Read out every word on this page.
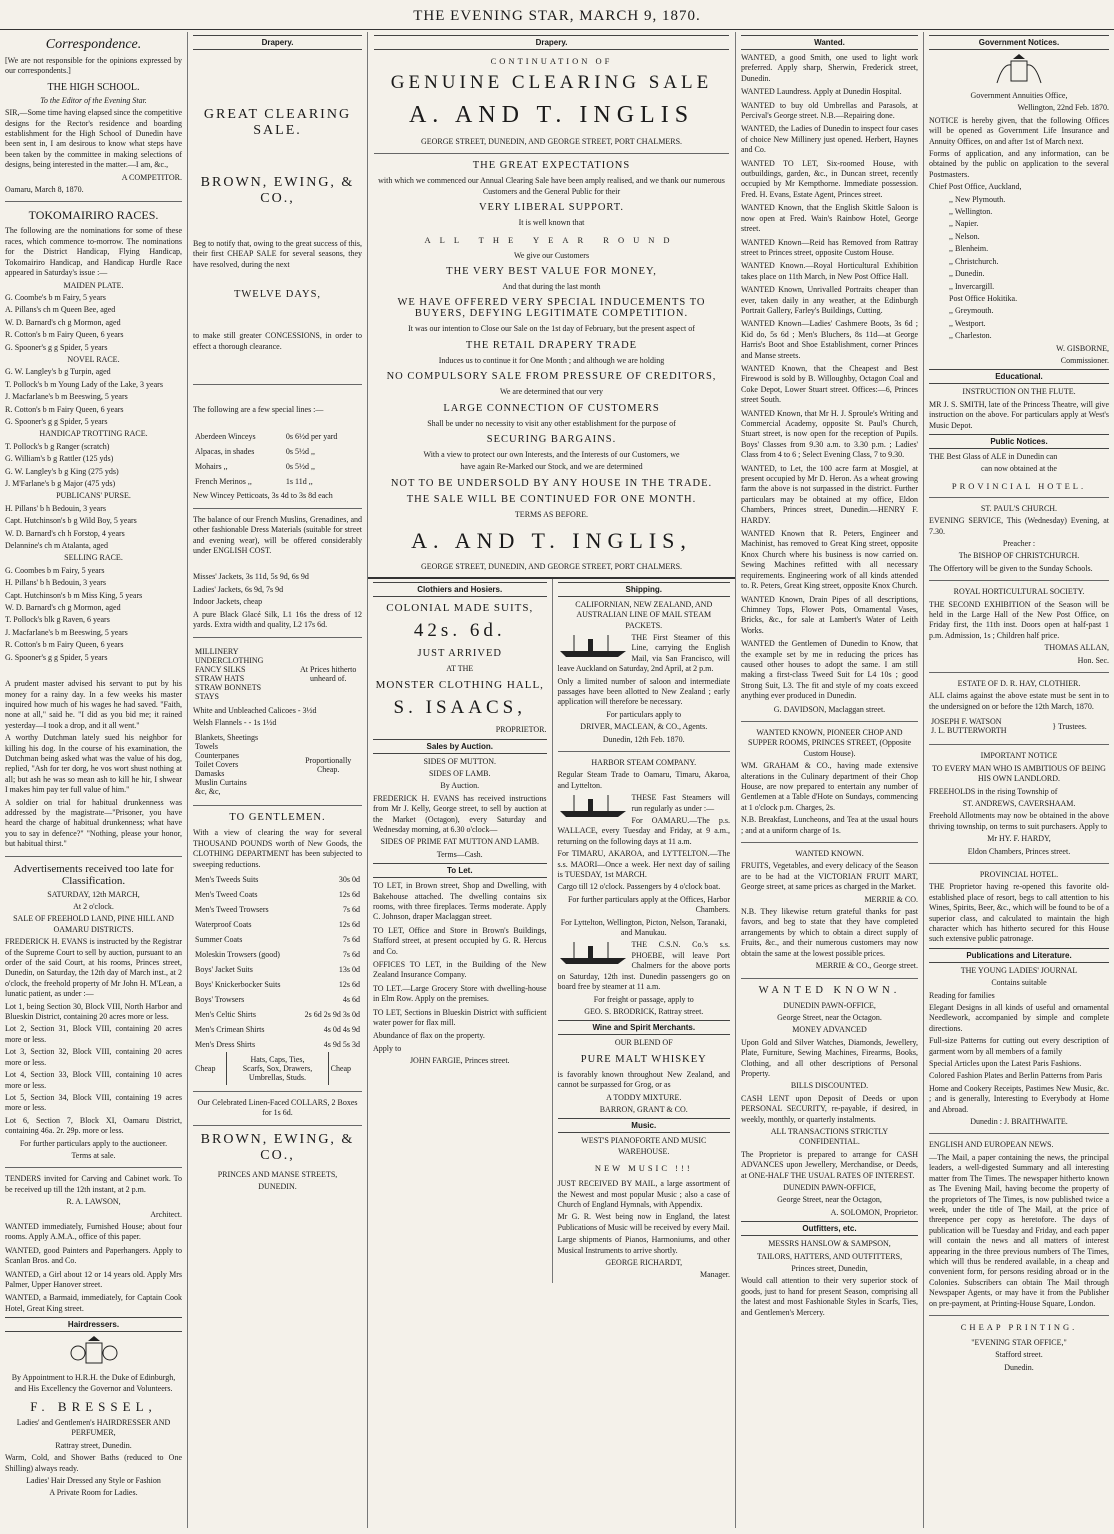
THE EVENING STAR, MARCH 9, 1870.
Correspondence.

[We are not responsible for the opinions expressed by our correspondents.]

THE HIGH SCHOOL.

To the Editor of the Evening Star.

SIR,—Some time having elapsed since the competitive designs for the Rector's residence and boarding establishment for the High School of Dunedin have been sent in, I am desirous to know what steps have been taken by the committee in making selections of designs, being interested in the matter.—I am, &c.,

A COMPETITOR.

Oamaru, March 8, 1870.

TOKOMAIRIRO RACES.

The following are the nominations for some of these races, which commence to-morrow. The nominations for the District Handicap, Flying Handicap, Tokomairiro Handicap, and Handicap Hurdle Race appeared in Saturday's issue :—

MAIDEN PLATE.

G. Coombe's b m Fairy, 5 years

A. Pillans's ch m Queen Bee, aged

W. D. Barnard's ch g Mormon, aged

R. Cotton's b m Fairy Queen, 6 years

G. Spooner's g g Spider, 5 years

NOVEL RACE.

G. W. Langley's b g Turpin, aged

T. Pollock's b m Young Lady of the Lake, 3 years

J. Macfarlane's b m Beeswing, 5 years

R. Cotton's b m Fairy Queen, 6 years

G. Spooner's g g Spider, 5 years

HANDICAP TROTTING RACE.

T. Pollock's b g Ranger (scratch)

G. William's b g Rattler (125 yds)

G. W. Langley's b g King (275 yds)

J. M'Farlane's b g Major (475 yds)

PUBLICANS' PURSE.

H. Pillans' b h Bedouin, 3 years

Capt. Hutchinson's b g Wild Boy, 5 years

W. D. Barnard's ch h Forstop, 4 years

Delannine's ch m Atalanta, aged

SELLING RACE.

G. Coombes b m Fairy, 5 years

H. Pillans' b h Bedouin, 3 years

Capt. Hutchinson's b m Miss King, 5 years

W. D. Barnard's ch g Mormon, aged

T. Pollock's blk g Raven, 6 years

J. Macfarlane's b m Beeswing, 5 years

R. Cotton's b m Fairy Queen, 6 years

G. Spooner's g g Spider, 5 years

A prudent master advised his servant to put by his money for a rainy day. In a few weeks his master inquired how much of his wages he had saved. "Faith, none at all," said he. "I did as you bid me; it rained yesterday—I took a drop, and it all went."

A worthy Dutchman lately sued his neighbor for killing his dog. In the course of his examination, the Dutchman being asked what was the value of his dog, replied, "Ash for ter dorg, he vos wort shust nothing at all; but ash he was so mean ash to kill he hir, I shwear I makes him pay ter full value of him."

A soldier on trial for habitual drunkenness was addressed by the magistrate—"Prisoner, you have heard the charge of habitual drunkenness; what have you to say in defence?" "Nothing, please your honor, but habitual thirst."

Advertisements received too late for Classification.

SATURDAY, 12th MARCH,

At 2 o'clock.

SALE OF FREEHOLD LAND, PINE HILL AND OAMARU DISTRICTS.

FREDERICK H. EVANS is instructed by the Registrar of the Supreme Court to sell by auction, pursuant to an order of the said Court, at his rooms, Princes street, Dunedin, on Saturday, the 12th day of March inst., at 2 o'clock, the freehold property of Mr John H. M'Lean, a lunatic patient, as under :—

Lot 1, being Section 30, Block VIII, North Harbor and Blueskin District, containing 20 acres more or less.

Lot 2, Section 31, Block VIII, containing 20 acres more or less.

Lot 3, Section 32, Block VIII, containing 20 acres more or less.

Lot 4, Section 33, Block VIII, containing 10 acres more or less.

Lot 5, Section 34, Block VIII, containing 19 acres more or less.

Lot 6, Section 7, Block XI, Oamaru District, containing 46a. 2r. 29p. more or less.

For further particulars apply to the auctioneer.

Terms at sale.

TENDERS invited for Carving and Cabinet work. To be received up till the 12th instant, at 2 p.m.

R. A. LAWSON,

Architect.

WANTED immediately, Furnished House; about four rooms. Apply A.M.A., office of this paper.

WANTED, good Painters and Paperhangers. Apply to Scanlan Bros. and Co.

WANTED, a Girl about 12 or 14 years old. Apply Mrs Palmer, Upper Hanover street.

WANTED, a Barmaid, immediately, for Captain Cook Hotel, Great King street.

Hairdressers.

By Appointment to H.R.H. the Duke of Edinburgh, and His Excellency the Governor and Volunteers.

F. BRESSEL,

Ladies' and Gentlemen's HAIRDRESSER AND PERFUMER,

Rattray street, Dunedin.

Warm, Cold, and Shower Baths (reduced to One Shilling) always ready.

Ladies' Hair Dressed any Style or Fashion

A Private Room for Ladies.

Drapery.
GREAT CLEARING SALE.
BROWN, EWING, & CO.,

Beg to notify that, owing to the great success of this, their first CHEAP SALE for several seasons, they have resolved, during the next

TWELVE DAYS,

to make still greater CONCESSIONS, in order to effect a thorough clearance.

The following are a few special lines :—

Aberdeen Winceys	0s 6½d per yard
Alpacas, in shades	0s 5½d ,,
Mohairs ,,	0s 5½d ,,
French Merinos ,,	1s 11d ,,

New Wincey Petticoats, 3s 4d to 3s 8d each

The balance of our French Muslins, Grenadines, and other fashionable Dress Materials (suitable for street and evening wear), will be offered considerably under ENGLISH COST.

Misses' Jackets, 3s 11d, 5s 9d, 6s 9d

Ladies' Jackets, 6s 9d, 7s 9d

Indoor Jackets, cheap

A pure Black Glacé Silk, L1 16s the dress of 12 yards. Extra width and quality, L2 17s 6d.

MILLINERY
UNDERCLOTHING
FANCY SILKS
STRAW HATS
STRAW BONNETS
STAYS
	At Prices hitherto unheard of.

White and Unbleached Calicoes - 3½d

Welsh Flannels - - 1s 1½d

Blankets, Sheetings
Towels
Counterpanes
Toilet Covers
Damasks
Muslin Curtains
&c, &c,
	Proportionally Cheap.
TO GENTLEMEN.

With a view of clearing the way for several THOUSAND POUNDS worth of New Goods, the CLOTHING DEPARTMENT has been subjected to sweeping reductions.

Men's Tweeds Suits	30s 0d
Men's Tweed Coats	12s 6d
Men's Tweed Trowsers	7s 6d
Waterproof Coats	12s 6d
Summer Coats	7s 6d
Moleskin Trowsers (good)	7s 6d
Boys' Jacket Suits	13s 0d
Boys' Knickerbocker Suits	12s 6d
Boys' Trowsers	4s 6d
Men's Celtic Shirts	2s 6d 2s 9d 3s 0d
Men's Crimean Shirts	4s 0d 4s 9d
Men's Dress Shirts	4s 9d 5s 3d
Cheap	
Hats, Caps, Ties,
Scarfs, Sox, Drawers,
Umbrellas, Studs.
	Cheap

Our Celebrated Linen-Faced COLLARS, 2 Boxes for 1s 6d.

BROWN, EWING, & CO.,

PRINCES AND MANSE STREETS,

DUNEDIN.

Drapery.
CONTINUATION OF
GENUINE CLEARING SALE
A. AND T. INGLIS

GEORGE STREET, DUNEDIN, AND GEORGE STREET, PORT CHALMERS.

THE GREAT EXPECTATIONS

with which we commenced our Annual Clearing Sale have been amply realised, and we thank our numerous Customers and the General Public for their

VERY LIBERAL SUPPORT.

It is well known that

ALL THE YEAR ROUND

We give our Customers

THE VERY BEST VALUE FOR MONEY,

And that during the last month

WE HAVE OFFERED VERY SPECIAL INDUCEMENTS TO BUYERS, DEFYING LEGITIMATE COMPETITION.

It was our intention to Close our Sale on the 1st day of February, but the present aspect of

THE RETAIL DRAPERY TRADE

Induces us to continue it for One Month ; and although we are holding

NO COMPULSORY SALE FROM PRESSURE OF CREDITORS,

We are determined that our very

LARGE CONNECTION OF CUSTOMERS

Shall be under no necessity to visit any other establishment for the purpose of

SECURING BARGAINS.

With a view to protect our own Interests, and the Interests of our Customers, we

have again Re-Marked our Stock, and we are determined

NOT TO BE UNDERSOLD BY ANY HOUSE IN THE TRADE.
THE SALE WILL BE CONTINUED FOR ONE MONTH.

TERMS AS BEFORE.

A. AND T. INGLIS,

GEORGE STREET, DUNEDIN, AND GEORGE STREET, PORT CHALMERS.

Clothiers and Hosiers.
COLONIAL MADE SUITS,
42s. 6d.
JUST ARRIVED

AT THE

MONSTER CLOTHING HALL,
S. ISAACS,

PROPRIETOR.

Sales by Auction.

SIDES OF MUTTON.

SIDES OF LAMB.

By Auction.

FREDERICK H. EVANS has received instructions from Mr J. Kelly, George street, to sell by auction at the Market (Octagon), every Saturday and Wednesday morning, at 6.30 o'clock—

SIDES OF PRIME FAT MUTTON AND LAMB.

Terms—Cash.

To Let.

TO LET, in Brown street, Shop and Dwelling, with Bakehouse attached. The dwelling contains six rooms, with three fireplaces. Terms moderate. Apply C. Johnson, draper Maclaggan street.

TO LET, Office and Store in Brown's Buildings, Stafford street, at present occupied by G. R. Hercus and Co.

OFFICES TO LET, in the Building of the New Zealand Insurance Company.

TO LET.—Large Grocery Store with dwelling-house in Elm Row. Apply on the premises.

TO LET, Sections in Blueskin District with sufficient water power for flax mill.

Abundance of flax on the property.

Apply to

JOHN FARGIE, Princes street.

Shipping.

CALIFORNIAN, NEW ZEALAND, AND AUSTRALIAN LINE OF MAIL STEAM PACKETS.

THE First Steamer of this Line, carrying the English Mail, via San Francisco, will leave Auckland on Saturday, 2nd April, at 2 p.m.

Only a limited number of saloon and intermediate passages have been allotted to New Zealand ; early application will therefore be necessary.

For particulars apply to

DRIVER, MACLEAN, & CO., Agents.

Dunedin, 12th Feb. 1870.

HARBOR STEAM COMPANY.

Regular Steam Trade to Oamaru, Timaru, Akaroa, and Lyttelton.

THESE Fast Steamers will run regularly as under :—

For OAMARU.—The p.s. WALLACE, every Tuesday and Friday, at 9 a.m., returning on the following days at 11 a.m.

For TIMARU, AKAROA, and LYTTELTON.—The s.s. MAORI—Once a week. Her next day of sailing is TUESDAY, 1st MARCH.

Cargo till 12 o'clock. Passengers by 4 o'clock boat.

For further particulars apply at the Offices, Harbor Chambers.

For Lyttelton, Wellington, Picton, Nelson, Taranaki, and Manukau.

THE C.S.N. Co.'s s.s. PHOEBE, will leave Port Chalmers for the above ports on Saturday, 12th inst. Dunedin passengers go on board free by steamer at 11 a.m.

For freight or passage, apply to

GEO. S. BRODRICK, Rattray street.

Wine and Spirit Merchants.

OUR BLEND OF

PURE MALT WHISKEY

is favorably known throughout New Zealand, and cannot be surpassed for Grog, or as

A TODDY MIXTURE.

BARRON, GRANT & CO.

Music.

WEST'S PIANOFORTE AND MUSIC WAREHOUSE.

NEW MUSIC !!!

JUST RECEIVED BY MAIL, a large assortment of the Newest and most popular Music ; also a case of Church of England Hymnals, with Appendix.

Mr G. R. West being now in England, the latest Publications of Music will be received by every Mail.

Large shipments of Pianos, Harmoniums, and other Musical Instruments to arrive shortly.

GEORGE RICHARDT,

Manager.

Wanted.

WANTED, a good Smith, one used to light work preferred. Apply sharp, Sherwin, Frederick street, Dunedin.

WANTED Laundress. Apply at Dunedin Hospital.

WANTED to buy old Umbrellas and Parasols, at Percival's George street. N.B.—Repairing done.

WANTED, the Ladies of Dunedin to inspect four cases of choice New Millinery just opened. Herbert, Haynes and Co.

WANTED TO LET, Six-roomed House, with outbuildings, garden, &c., in Duncan street, recently occupied by Mr Kempthorne. Immediate possession. Fred. H. Evans, Estate Agent, Princes street.

WANTED Known, that the English Skittle Saloon is now open at Fred. Wain's Rainbow Hotel, George street.

WANTED Known—Reid has Removed from Rattray street to Princes street, opposite Custom House.

WANTED Known.—Royal Horticultural Exhibition takes place on 11th March, in New Post Office Hall.

WANTED Known, Unrivalled Portraits cheaper than ever, taken daily in any weather, at the Edinburgh Portrait Gallery, Farley's Buildings, Cutting.

WANTED Known—Ladies' Cashmere Boots, 3s 6d ; Kid do, 5s 6d ; Men's Bluchers, 8s 11d—at George Harris's Boot and Shoe Establishment, corner Princes and Manse streets.

WANTED Known, that the Cheapest and Best Firewood is sold by B. Willoughby, Octagon Coal and Coke Depot, Lower Stuart street. Offices:—6, Princes street South.

WANTED Known, that Mr H. J. Sproule's Writing and Commercial Academy, opposite St. Paul's Church, Stuart street, is now open for the reception of Pupils. Boys' Classes from 9.30 a.m. to 3.30 p.m. ; Ladies' Class from 4 to 6 ; Select Evening Class, 7 to 9.30.

WANTED, to Let, the 100 acre farm at Mosgiel, at present occupied by Mr D. Heron. As a wheat growing farm the above is not surpassed in the district. Further particulars may be obtained at my office, Eldon Chambers, Princes street, Dunedin.—HENRY F. HARDY.

WANTED Known that R. Peters, Engineer and Machinist, has removed to Great King street, opposite Knox Church where his business is now carried on. Sewing Machines refitted with all necessary requirements. Engineering work of all kinds attended to. R. Peters, Great King street, opposite Knox Church.

WANTED Known, Drain Pipes of all descriptions, Chimney Tops, Flower Pots, Ornamental Vases, Bricks, &c., for sale at Lambert's Water of Leith Works.

WANTED the Gentlemen of Dunedin to Know, that the example set by me in reducing the prices has caused other houses to adopt the same. I am still making a first-class Tweed Suit for L4 10s ; good Strong Suit, L3. The fit and style of my coats exceed anything ever produced in Dunedin.

G. DAVIDSON, Maclaggan street.

WANTED KNOWN, PIONEER CHOP AND SUPPER ROOMS, PRINCES STREET, (Opposite Custom House).

WM. GRAHAM & CO., having made extensive alterations in the Culinary department of their Chop House, are now prepared to entertain any number of Gentlemen at a Table d'Hote on Sundays, commencing at 1 o'clock p.m. Charges, 2s.

N.B. Breakfast, Luncheons, and Tea at the usual hours ; and at a uniform charge of 1s.

WANTED KNOWN.

FRUITS, Vegetables, and every delicacy of the Season are to be had at the VICTORIAN FRUIT MART, George street, at same prices as charged in the Market.

MERRIE & CO.

N.B. They likewise return grateful thanks for past favors, and beg to state that they have completed arrangements by which to obtain a direct supply of Fruits, &c., and their numerous customers may now obtain the same at the lowest possible prices.

MERRIE & CO., George street.

WANTED KNOWN.

DUNEDIN PAWN-OFFICE,

George Street, near the Octagon.

MONEY ADVANCED

Upon Gold and Silver Watches, Diamonds, Jewellery, Plate, Furniture, Sewing Machines, Firearms, Books, Clothing, and all other descriptions of Personal Property.

BILLS DISCOUNTED.

CASH LENT upon Deposit of Deeds or upon PERSONAL SECURITY, re-payable, if desired, in weekly, monthly, or quarterly instalments.

ALL TRANSACTIONS STRICTLY CONFIDENTIAL.

The Proprietor is prepared to arrange for CASH ADVANCES upon Jewellery, Merchandise, or Deeds, at ONE-HALF THE USUAL RATES OF INTEREST.

DUNEDIN PAWN-OFFICE,

George Street, near the Octagon,

A. SOLOMON, Proprietor.

Outfitters, etc.

MESSRS HANSLOW & SAMPSON,

TAILORS, HATTERS, AND OUTFITTERS,

Princes street, Dunedin,

Would call attention to their very superior stock of goods, just to hand for present Season, comprising all the latest and most Fashionable Styles in Scarfs, Ties, and Gentlemen's Mercery.

Government Notices.

Government Annuities Office,

Wellington, 22nd Feb. 1870.

NOTICE is hereby given, that the following Offices will be opened as Government Life Insurance and Annuity Offices, on and after 1st of March next.

Forms of application, and any information, can be obtained by the public on application to the several Postmasters.

Chief Post Office, Auckland,

,, New Plymouth.

,, Wellington.

,, Napier.

,, Nelson.

,, Blenheim.

,, Christchurch.

,, Dunedin.

,, Invercargill.

Post Office Hokitika.

,, Greymouth.

,, Westport.

,, Charleston.

W. GISBORNE,

Commissioner.

Educational.

INSTRUCTION ON THE FLUTE.

MR J. S. SMITH, late of the Princess Theatre, will give instruction on the above. For particulars apply at West's Music Depot.

Public Notices.

THE Best Glass of ALE in Dunedin can

can now obtained at the

PROVINCIAL HOTEL.

ST. PAUL'S CHURCH.

EVENING SERVICE, This (Wednesday) Evening, at 7.30.

Preacher :

The BISHOP OF CHRISTCHURCH.

The Offertory will be given to the Sunday Schools.

ROYAL HORTICULTURAL SOCIETY.

THE SECOND EXHIBITION of the Season will be held in the Large Hall of the New Post Office, on Friday first, the 11th inst. Doors open at half-past 1 p.m. Admission, 1s ; Children half price.

THOMAS ALLAN,

Hon. Sec.

ESTATE OF D. R. HAY, CLOTHIER.

ALL claims against the above estate must be sent in to the undersigned on or before the 12th March, 1870.

JOSEPH F. WATSON
J. L. BUTTERWORTH	} Trustees.

IMPORTANT NOTICE

TO EVERY MAN WHO IS AMBITIOUS OF BEING HIS OWN LANDLORD.

FREEHOLDS in the rising Township of

ST. ANDREWS, CAVERSHAAM.

Freehold Allotments may now be obtained in the above thriving township, on terms to suit purchasers. Apply to

Mr HY. F. HARDY,

Eldon Chambers, Princes street.

PROVINCIAL HOTEL.

THE Proprietor having re-opened this favorite old-established place of resort, begs to call attention to his Wines, Spirits, Beer, &c., which will be found to be of a superior class, and calculated to maintain the high character which has hitherto secured for this House such extensive public patronage.

Publications and Literature.

THE YOUNG LADIES' JOURNAL

Contains suitable

Reading for families

Elegant Designs in all kinds of useful and ornamental Needlework, accompanied by simple and complete directions.

Full-size Patterns for cutting out every description of garment worn by all members of a family

Special Articles upon the Latest Paris Fashions.

Colored Fashion Plates and Berlin Patterns from Paris

Home and Cookery Receipts, Pastimes New Music, &c. ; and is generally, Interesting to Everybody at Home and Abroad.

Dunedin : J. BRAITHWAITE.

ENGLISH AND EUROPEAN NEWS.

—The Mail, a paper containing the news, the principal leaders, a well-digested Summary and all interesting matter from The Times. The newspaper hitherto known as The Evening Mail, having become the property of the proprietors of The Times, is now published twice a week, under the title of The Mail, at the price of threepence per copy as heretofore. The days of publication will be Tuesday and Friday, and each paper will contain the news and all matters of interest appearing in the three previous numbers of The Times, which will thus be rendered available, in a cheap and convenient form, for persons residing abroad or in the Colonies. Subscribers can obtain The Mail through Newspaper Agents, or may have it from the Publisher on pre-payment, at Printing-House Square, London.

CHEAP PRINTING.

"EVENING STAR OFFICE,"

Stafford street.

Dunedin.
